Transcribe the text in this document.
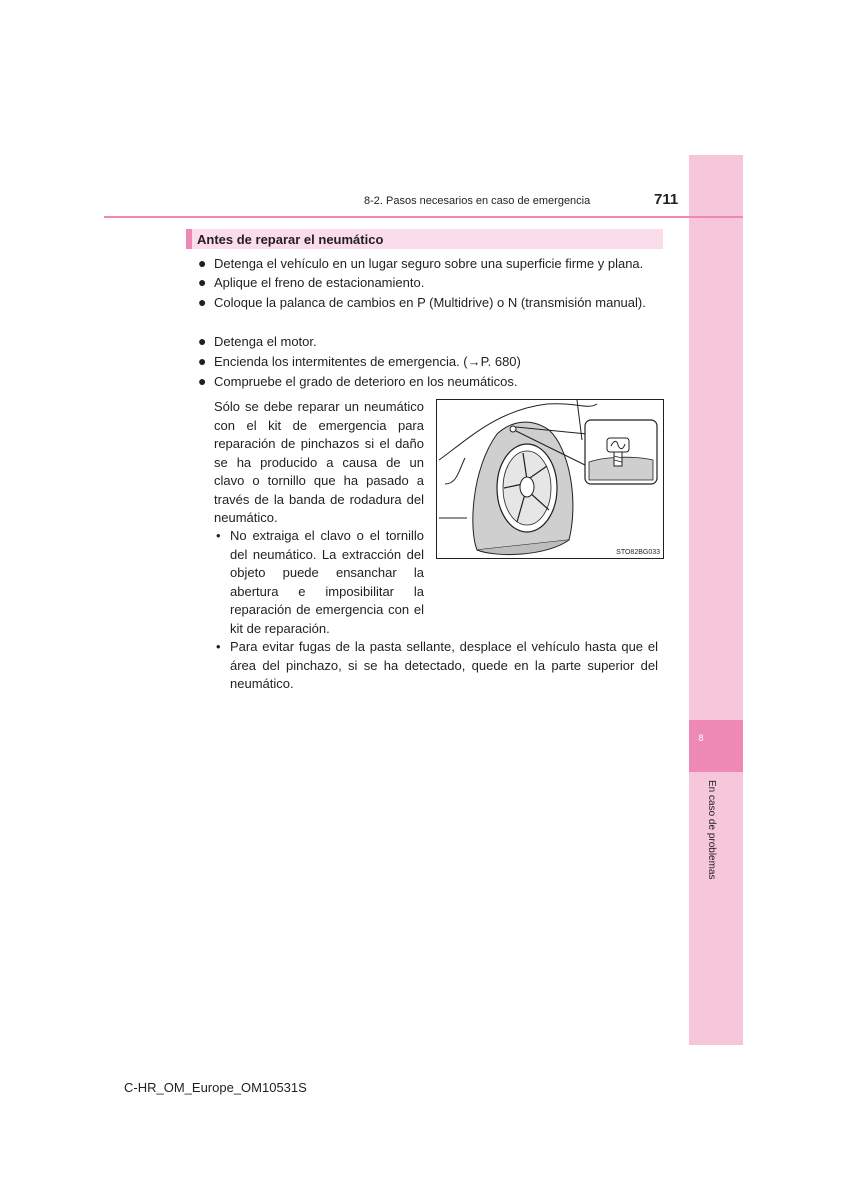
8
En caso de problemas
8-2. Pasos necesarios en caso de emergencia	711
Antes de reparar el neumático
● Detenga el vehículo en un lugar seguro sobre una superficie firme y plana.
● Aplique el freno de estacionamiento.
● Coloque la palanca de cambios en P (Multidrive) o N (transmisión manual).
● Detenga el motor.
● Encienda los intermitentes de emergencia. (→P. 680)
● Compruebe el grado de deterioro en los neumáticos.
Sólo se debe reparar un neumático con el kit de emergencia para reparación de pinchazos si el daño se ha producido a causa de un clavo o tornillo que ha pasado a través de la banda de rodadura del neumático.
• No extraiga el clavo o el tornillo del neumático. La extracción del objeto puede ensanchar la abertura e imposibilitar la reparación de emergencia con el kit de reparación.
• Para evitar fugas de la pasta sellante, desplace el vehículo hasta que el área del pinchazo, si se ha detectado, quede en la parte superior del neumático.
STO82BG033
C-HR_OM_Europe_OM10531S
